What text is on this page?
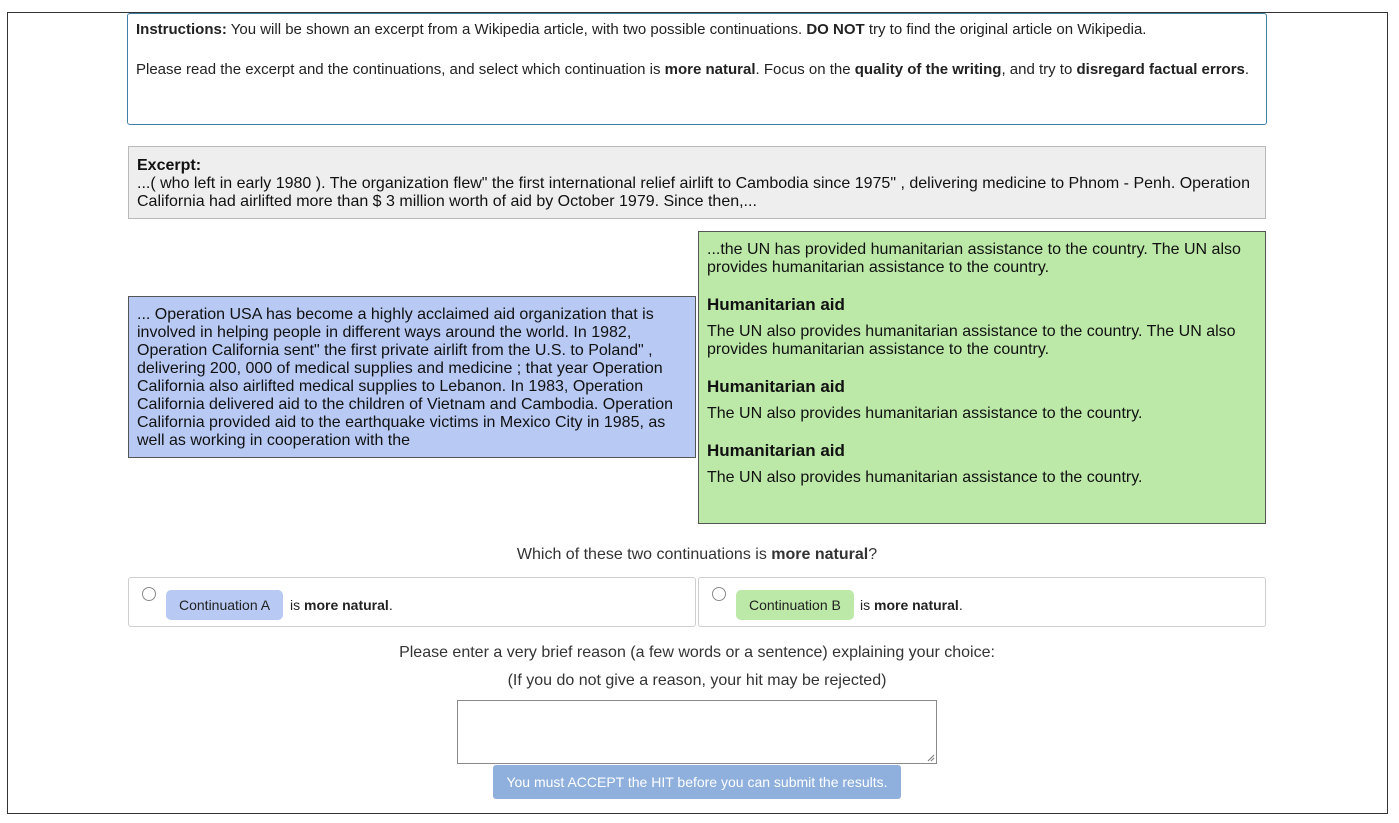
Instructions: You will be shown an excerpt from a Wikipedia article, with two possible continuations. DO NOT try to find the original article on Wikipedia.

Please read the excerpt and the continuations, and select which continuation is more natural. Focus on the quality of the writing, and try to disregard factual errors.

Excerpt:
...( who left in early 1980 ). The organization flew" the first international relief airlift to Cambodia since 1975" , delivering medicine to Phnom - Penh. Operation California had airlifted more than $ 3 million worth of aid by October 1979. Since then,...
... Operation USA has become a highly acclaimed aid organization that is involved in helping people in different ways around the world. In 1982, Operation California sent" the first private airlift from the U.S. to Poland" , delivering 200, 000 of medical supplies and medicine ; that year Operation California also airlifted medical supplies to Lebanon. In 1983, Operation California delivered aid to the children of Vietnam and Cambodia. Operation California provided aid to the earthquake victims in Mexico City in 1985, as well as working in cooperation with the

...the UN has provided humanitarian assistance to the country. The UN also provides humanitarian assistance to the country.

Humanitarian aid

The UN also provides humanitarian assistance to the country. The UN also provides humanitarian assistance to the country.

Humanitarian aid

The UN also provides humanitarian assistance to the country.

Humanitarian aid

The UN also provides humanitarian assistance to the country.

Which of these two continuations is more natural?
Continuation A	is more natural.	Continuation B	is more natural.
Please enter a very brief reason (a few words or a sentence) explaining your choice:
(If you do not give a reason, your hit may be rejected)
You must ACCEPT the HIT before you can submit the results.
